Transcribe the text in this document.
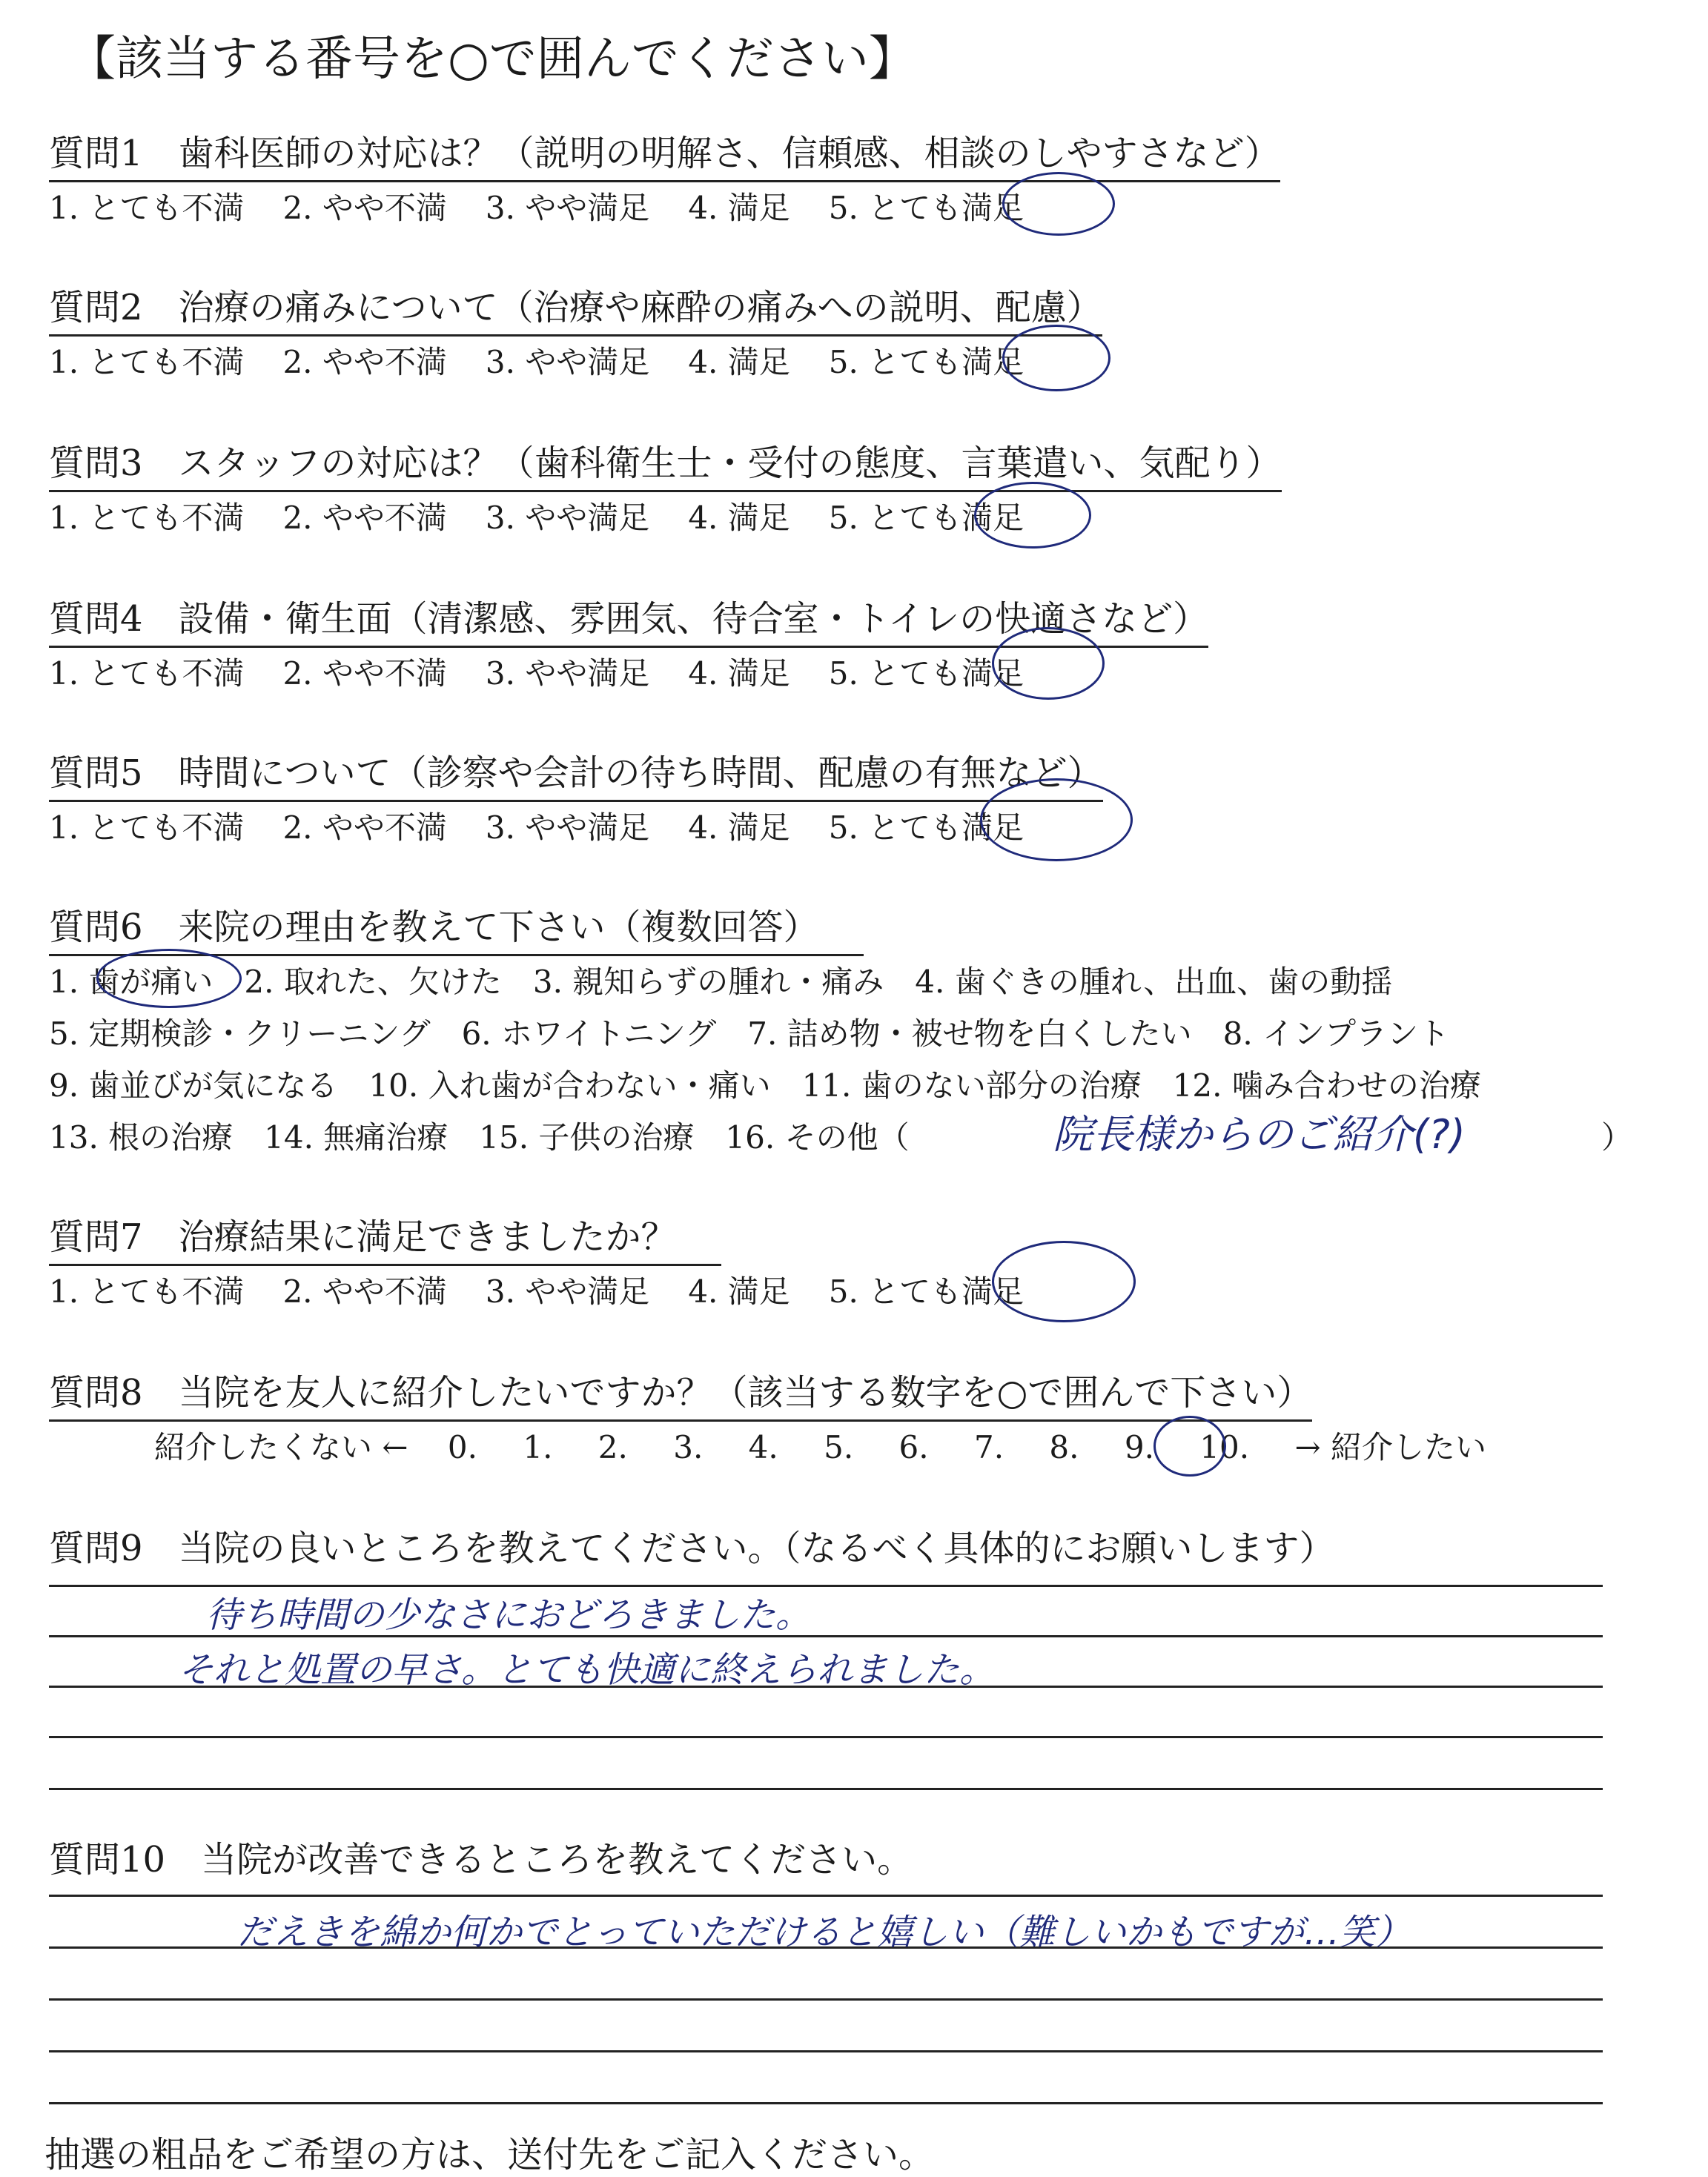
【該当する番号を○で囲んでください】
質問1　歯科医師の対応は？（説明の明解さ、信頼感、相談のしやすさなど）
1. とても不満 2. やや不満 3. やや満足 4. 満足 5. とても満足
質問2　治療の痛みについて（治療や麻酔の痛みへの説明、配慮）
1. とても不満 2. やや不満 3. やや満足 4. 満足 5. とても満足
質問3　スタッフの対応は？（歯科衛生士・受付の態度、言葉遣い、気配り）
1. とても不満 2. やや不満 3. やや満足 4. 満足 5. とても満足
質問4　設備・衛生面（清潔感、雰囲気、待合室・トイレの快適さなど）
1. とても不満 2. やや不満 3. やや満足 4. 満足 5. とても満足
質問5　時間について（診察や会計の待ち時間、配慮の有無など）
1. とても不満 2. やや不満 3. やや満足 4. 満足 5. とても満足
質問6　来院の理由を教えて下さい（複数回答）
1. 歯が痛い　2. 取れた、欠けた　3. 親知らずの腫れ・痛み　4. 歯ぐきの腫れ、出血、歯の動揺
5. 定期検診・クリーニング　6. ホワイトニング　7. 詰め物・被せ物を白くしたい　8. インプラント
9. 歯並びが気になる　10. 入れ歯が合わない・痛い　11. 歯のない部分の治療　12. 噛み合わせの治療
13. 根の治療　14. 無痛治療　15. 子供の治療　16. その他（	）
院長様からのご紹介(?)
質問7　治療結果に満足できましたか？
1. とても不満 2. やや不満 3. やや満足 4. 満足 5. とても満足
質問8　当院を友人に紹介したいですか？（該当する数字を○で囲んで下さい）
紹介したくない ← 0. 1. 2. 3. 4. 5. 6. 7. 8. 9. 10. → 紹介したい
質問9　当院の良いところを教えてください。（なるべく具体的にお願いします）
待ち時間の少なさにおどろきました。
それと処置の早さ。とても快適に終えられました。
質問10　当院が改善できるところを教えてください。
だえきを綿か何かでとっていただけると嬉しい（難しいかもですが…笑）
抽選の粗品をご希望の方は、送付先をご記入ください。
